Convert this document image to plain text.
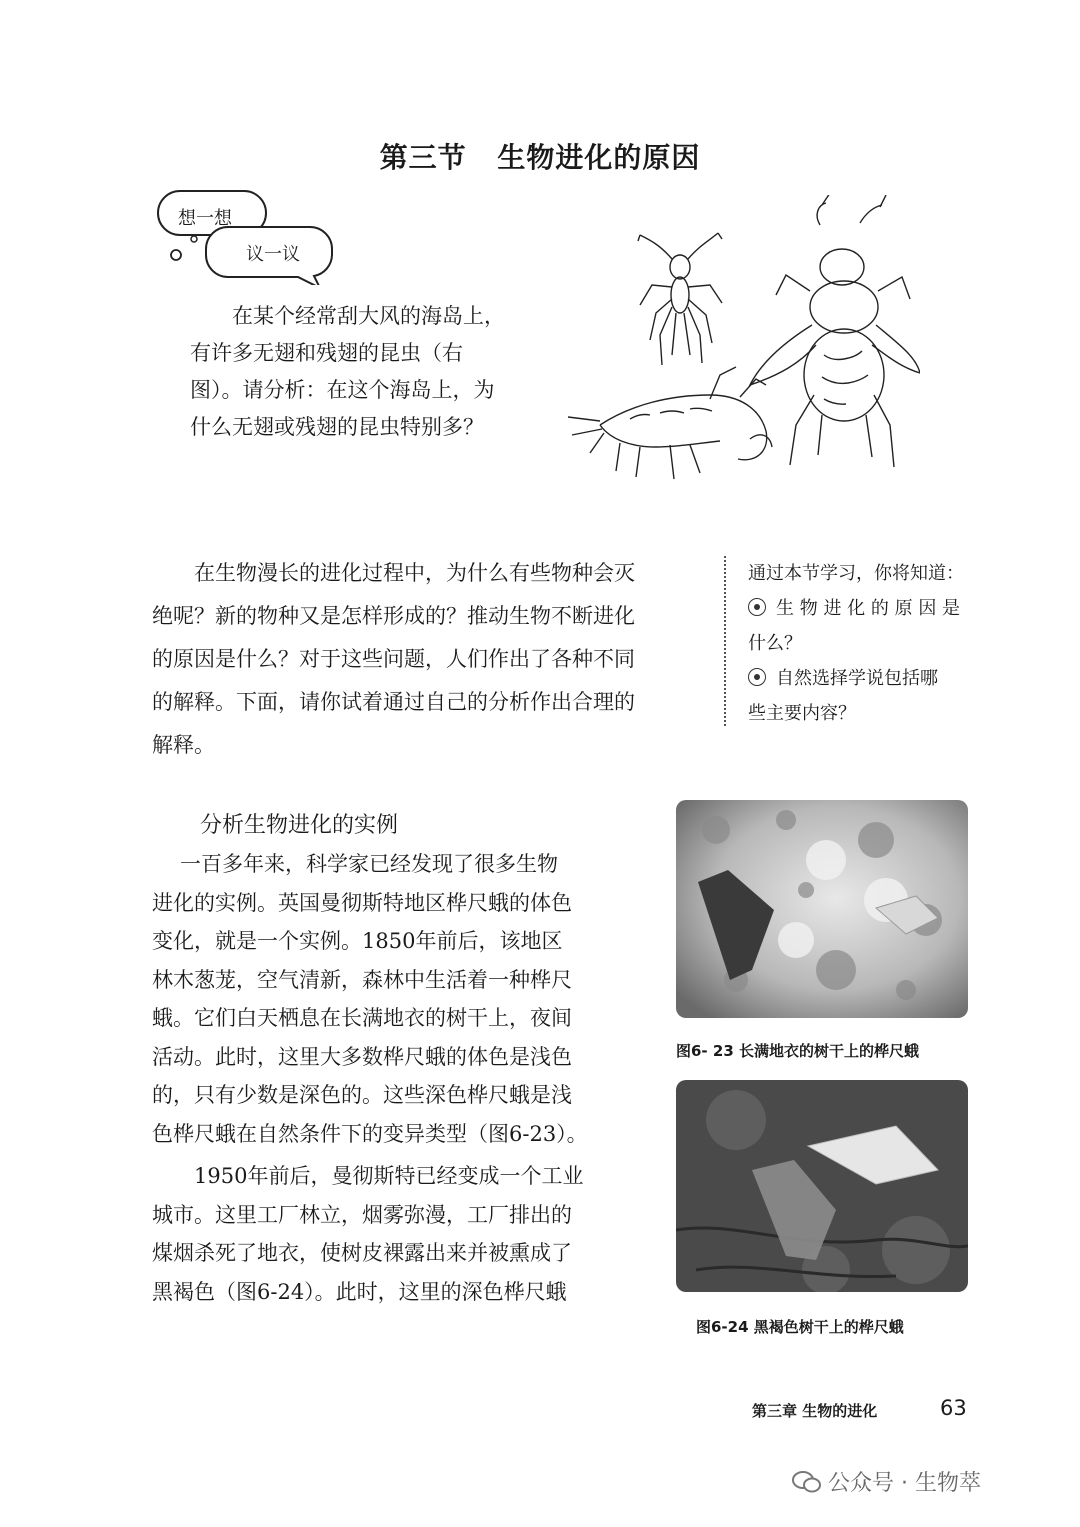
第三节 生物进化的原因
想一想
议一议

在某个经常刮大风的海岛上，

有许多无翅和残翅的昆虫（右

图）。请分析：在这个海岛上，为

什么无翅或残翅的昆虫特别多？

在生物漫长的进化过程中，为什么有些物种会灭

绝呢？新的物种又是怎样形成的？推动生物不断进化

的原因是什么？对于这些问题，人们作出了各种不同

的解释。下面，请你试着通过自己的分析作出合理的

解释。

通过本节学习，你将知道：

生 物 进 化 的 原 因 是

什么？

自然选择学说包括哪

些主要内容？

分析生物进化的实例

一百多年来，科学家已经发现了很多生物

进化的实例。英国曼彻斯特地区桦尺蛾的体色

变化，就是一个实例。1850年前后，该地区

林木葱茏，空气清新，森林中生活着一种桦尺

蛾。它们白天栖息在长满地衣的树干上，夜间

活动。此时，这里大多数桦尺蛾的体色是浅色

的，只有少数是深色的。这些深色桦尺蛾是浅

色桦尺蛾在自然条件下的变异类型（图6-23）。

1950年前后，曼彻斯特已经变成一个工业

城市。这里工厂林立，烟雾弥漫，工厂排出的

煤烟杀死了地衣，使树皮裸露出来并被熏成了

黑褐色（图6-24）。此时，这里的深色桦尺蛾

图6- 23 长满地衣的树干上的桦尺蛾
图6-24 黑褐色树干上的桦尺蛾
第三章 生物的进化	63
公众号 · 生物萃
